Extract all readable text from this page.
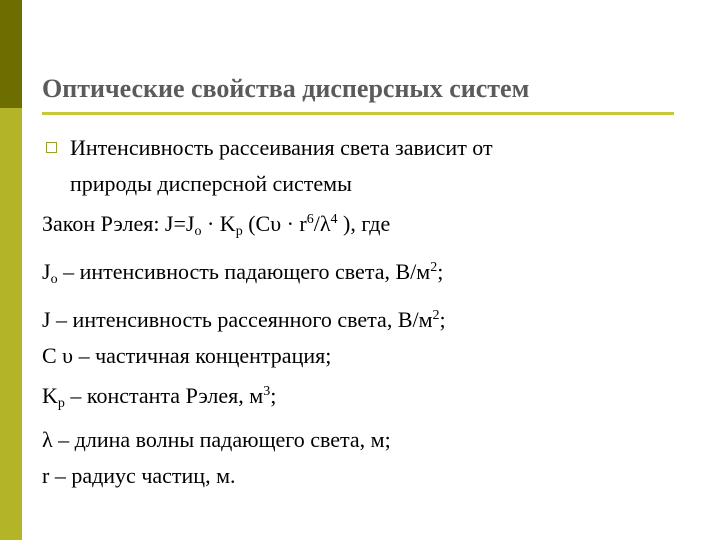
Оптические свойства дисперсных систем
Интенсивность рассеивания света зависит от
природы дисперсной системы
Закон Рэлея: $J=J_o \cdot K_p$ ($C\upsilon \cdot r^6/\lambda^4$ ), где
$J_o$ – интенсивность падающего света, $В/м^2$;
J – интенсивность рассеянного света, $В/м^2$;
C υ – частичная концентрация;
$K_p$ – константа Рэлея, $м^3$;
λ – длина волны падающего света, м;
r – радиус частиц, м.
